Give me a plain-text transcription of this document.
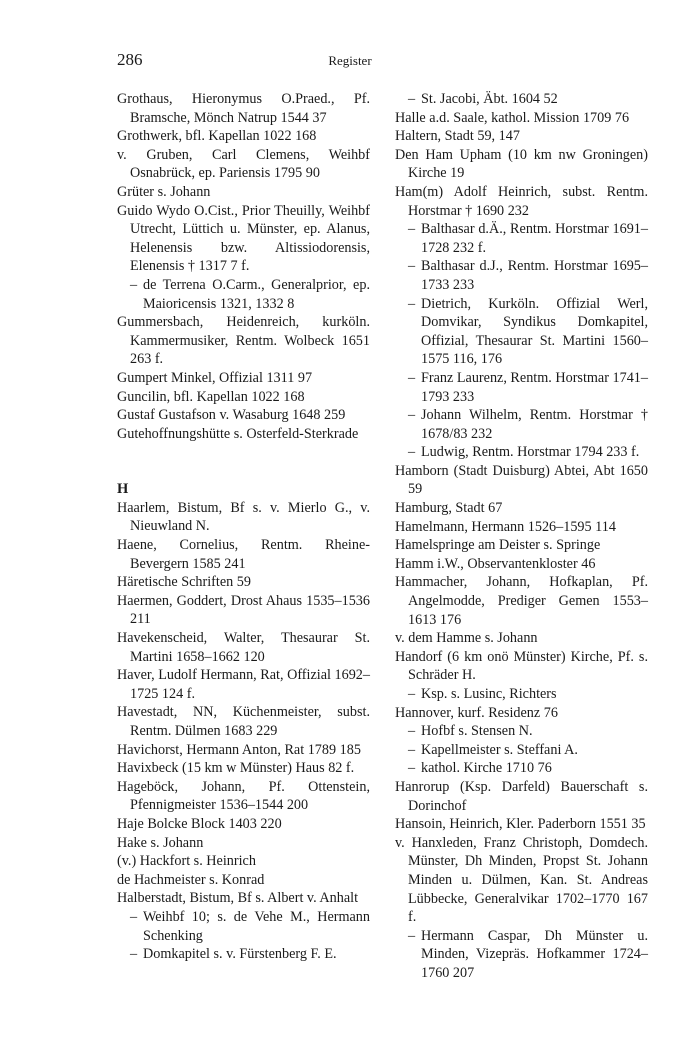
286	Register
Grothaus, Hieronymus O.Praed., Pf. Bramsche, Mönch Natrup 1544 37
Grothwerk, bfl. Kapellan 1022 168
v. Gruben, Carl Clemens, Weihbf Osnabrück, ep. Pariensis 1795 90
Grüter s. Johann
Guido Wydo O.Cist., Prior Theuilly, Weihbf Utrecht, Lüttich u. Münster, ep. Alanus, Helenensis bzw. Altissiodorensis, Elenensis † 1317 7 f.
– de Terrena O.Carm., Generalprior, ep. Maioricensis 1321, 1332 8
Gummersbach, Heidenreich, kurköln. Kammermusiker, Rentm. Wolbeck 1651 263 f.
Gumpert Minkel, Offizial 1311 97
Guncilin, bfl. Kapellan 1022 168
Gustaf Gustafson v. Wasaburg 1648 259
Gutehoffnungshütte s. Osterfeld-Sterkrade
H
Haarlem, Bistum, Bf s. v. Mierlo G., v. Nieuwland N.
Haene, Cornelius, Rentm. Rheine-Bevergern 1585 241
Häretische Schriften 59
Haermen, Goddert, Drost Ahaus 1535–1536 211
Havekenscheid, Walter, Thesaurar St. Martini 1658–1662 120
Haver, Ludolf Hermann, Rat, Offizial 1692–1725 124 f.
Havestadt, NN, Küchenmeister, subst. Rentm. Dülmen 1683 229
Havichorst, Hermann Anton, Rat 1789 185
Havixbeck (15 km w Münster) Haus 82 f.
Hageböck, Johann, Pf. Ottenstein, Pfennigmeister 1536–1544 200
Haje Bolcke Block 1403 220
Hake s. Johann
(v.) Hackfort s. Heinrich
de Hachmeister s. Konrad
Halberstadt, Bistum, Bf s. Albert v. Anhalt
– Weihbf 10; s. de Vehe M., Hermann Schenking
– Domkapitel s. v. Fürstenberg F. E.
– St. Jacobi, Äbt. 1604 52
Halle a.d. Saale, kathol. Mission 1709 76
Haltern, Stadt 59, 147
Den Ham Upham (10 km nw Groningen) Kirche 19
Ham(m) Adolf Heinrich, subst. Rentm. Horstmar † 1690 232
– Balthasar d.Ä., Rentm. Horstmar 1691–1728 232 f.
– Balthasar d.J., Rentm. Horstmar 1695–1733 233
– Dietrich, Kurköln. Offizial Werl, Domvikar, Syndikus Domkapitel, Offizial, Thesaurar St. Martini 1560–1575 116, 176
– Franz Laurenz, Rentm. Horstmar 1741–1793 233
– Johann Wilhelm, Rentm. Horstmar † 1678/83 232
– Ludwig, Rentm. Horstmar 1794 233 f.
Hamborn (Stadt Duisburg) Abtei, Abt 1650 59
Hamburg, Stadt 67
Hamelmann, Hermann 1526–1595 114
Hamelspringe am Deister s. Springe
Hamm i.W., Observantenkloster 46
Hammacher, Johann, Hofkaplan, Pf. Angelmodde, Prediger Gemen 1553–1613 176
v. dem Hamme s. Johann
Handorf (6 km onö Münster) Kirche, Pf. s. Schräder H.
– Ksp. s. Lusinc, Richters
Hannover, kurf. Residenz 76
– Hofbf s. Stensen N.
– Kapellmeister s. Steffani A.
– kathol. Kirche 1710 76
Hanrorup (Ksp. Darfeld) Bauerschaft s. Dorinchof
Hansoin, Heinrich, Kler. Paderborn 1551 35
v. Hanxleden, Franz Christoph, Domdech. Münster, Dh Minden, Propst St. Johann Minden u. Dülmen, Kan. St. Andreas Lübbecke, Generalvikar 1702–1770 167 f.
– Hermann Caspar, Dh Münster u. Minden, Vizepräs. Hofkammer 1724–1760 207
